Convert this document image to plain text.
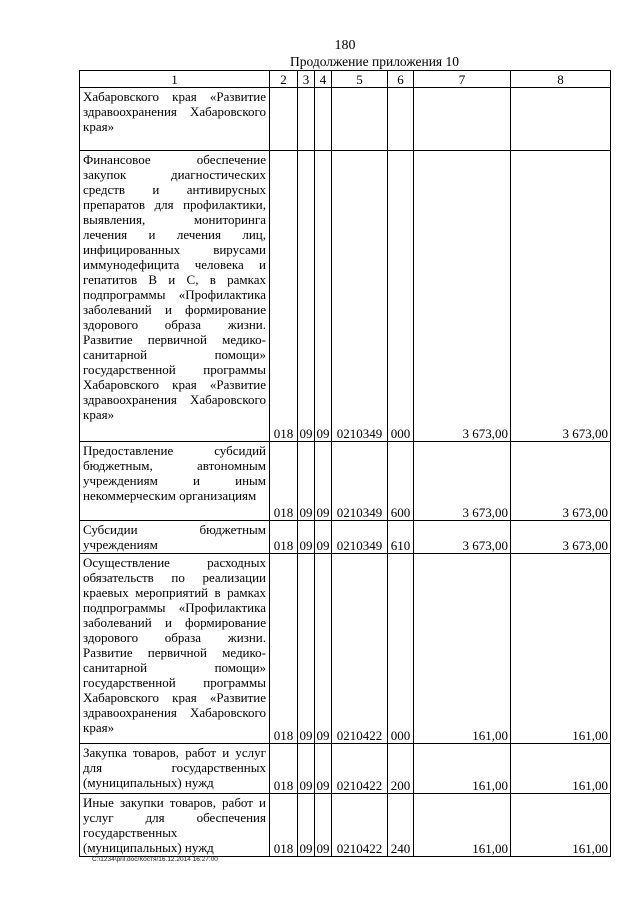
180
Продолжение приложения 10
1	2	3	4	5	6	7	8
Хабаровского края «Развитие здравоохранения Хабаровского края»							
Финансовое обеспечение закупок диагностических средств и антивирусных препаратов для профилактики, выявления, мониторинга лечения и лечения лиц, инфицированных вирусами иммунодефицита человека и гепатитов В и С, в рамках подпрограммы «Профилактика заболеваний и формирование здорового образа жизни. Развитие первичной медико-санитарной помощи» государственной программы Хабаровского края «Развитие здравоохранения Хабаровского края»	018	09	09	0210349	000	3 673,00	3 673,00
Предоставление субсидий бюджетным, автономным учреждениям и иным некоммерческим организациям	018	09	09	0210349	600	3 673,00	3 673,00
Субсидии бюджетным учреждениям	018	09	09	0210349	610	3 673,00	3 673,00
Осуществление расходных обязательств по реализации краевых мероприятий в рамках подпрограммы «Профилактика заболеваний и формирование здорового образа жизни. Развитие первичной медико-санитарной помощи» государственной программы Хабаровского края «Развитие здравоохранения Хабаровского края»	018	09	09	0210422	000	161,00	161,00
Закупка товаров, работ и услуг для государственных (муниципальных) нужд	018	09	09	0210422	200	161,00	161,00
Иные закупки товаров, работ и услуг для обеспечения государственных (муниципальных) нужд	018	09	09	0210422	240	161,00	161,00
C:\1234\pril.doc/Костя/16.12.2014 16:27:00
